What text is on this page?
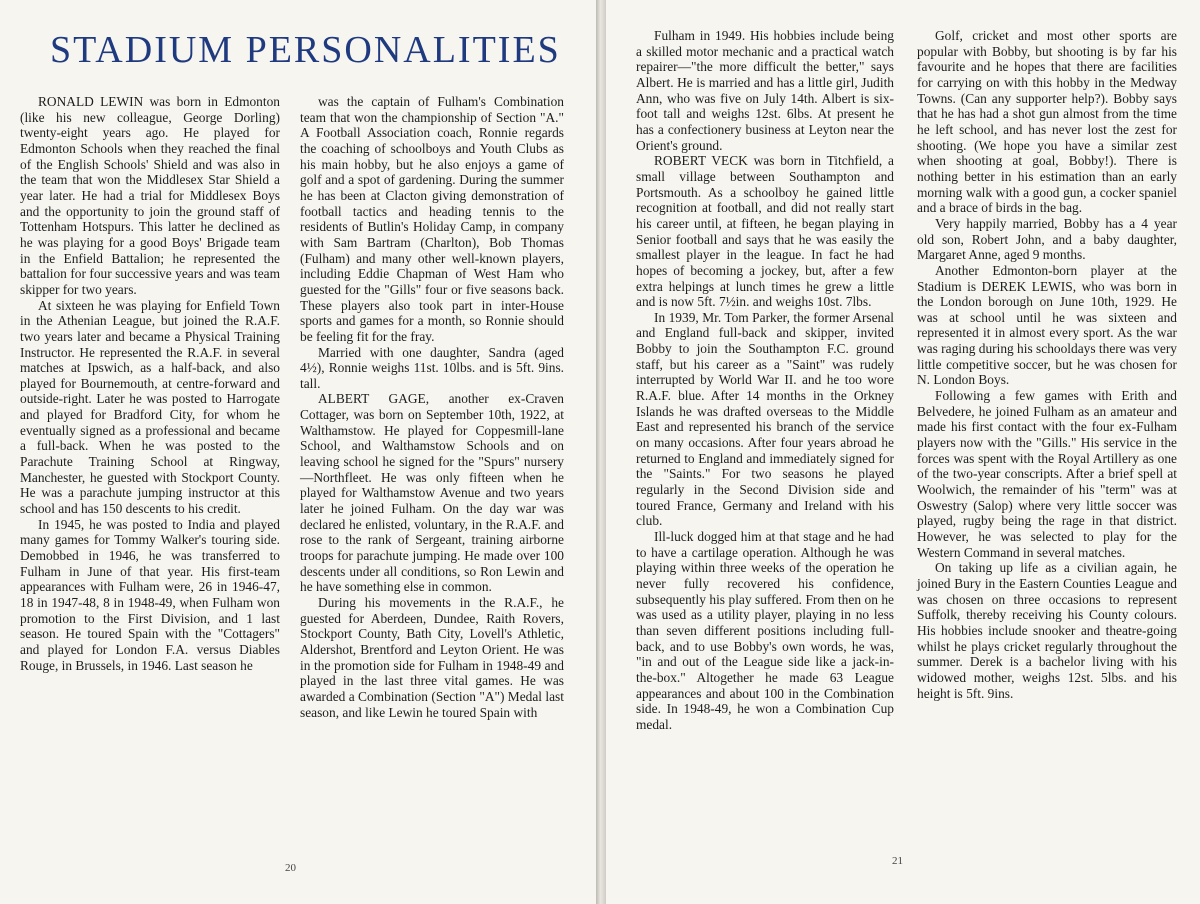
STADIUM PERSONALITIES

RONALD LEWIN was born in Edmonton (like his new colleague, George Dorling) twenty-eight years ago. He played for Edmonton Schools when they reached the final of the English Schools' Shield and was also in the team that won the Middlesex Star Shield a year later. He had a trial for Middlesex Boys and the opportunity to join the ground staff of Tottenham Hotspurs. This latter he declined as he was playing for a good Boys' Brigade team in the Enfield Battalion; he represented the battalion for four successive years and was team skipper for two years.

At sixteen he was playing for Enfield Town in the Athenian League, but joined the R.A.F. two years later and became a Physical Training Instructor. He represented the R.A.F. in several matches at Ipswich, as a half-back, and also played for Bournemouth, at centre-forward and outside-right. Later he was posted to Harrogate and played for Bradford City, for whom he eventually signed as a professional and became a full-back. When he was posted to the Parachute Training School at Ringway, Manchester, he guested with Stockport County. He was a parachute jumping instructor at this school and has 150 descents to his credit.

In 1945, he was posted to India and played many games for Tommy Walker's touring side. Demobbed in 1946, he was transferred to Fulham in June of that year. His first-team appearances with Fulham were, 26 in 1946-47, 18 in 1947-48, 8 in 1948-49, when Fulham won promotion to the First Division, and 1 last season. He toured Spain with the "Cottagers" and played for London F.A. versus Diables Rouge, in Brussels, in 1946. Last season he

was the captain of Fulham's Combination team that won the championship of Section "A." A Football Association coach, Ronnie regards the coaching of schoolboys and Youth Clubs as his main hobby, but he also enjoys a game of golf and a spot of gardening. During the summer he has been at Clacton giving demonstration of football tactics and heading tennis to the residents of Butlin's Holiday Camp, in company with Sam Bartram (Charlton), Bob Thomas (Fulham) and many other well-known players, including Eddie Chapman of West Ham who guested for the "Gills" four or five seasons back. These players also took part in inter-House sports and games for a month, so Ronnie should be feeling fit for the fray.

Married with one daughter, Sandra (aged 4½), Ronnie weighs 11st. 10lbs. and is 5ft. 9ins. tall.

ALBERT GAGE, another ex-Craven Cottager, was born on September 10th, 1922, at Walthamstow. He played for Coppesmill-lane School, and Walthamstow Schools and on leaving school he signed for the "Spurs" nursery—Northfleet. He was only fifteen when he played for Walthamstow Avenue and two years later he joined Fulham. On the day war was declared he enlisted, voluntary, in the R.A.F. and rose to the rank of Sergeant, training airborne troops for parachute jumping. He made over 100 descents under all conditions, so Ron Lewin and he have something else in common.

During his movements in the R.A.F., he guested for Aberdeen, Dundee, Raith Rovers, Stockport County, Bath City, Lovell's Athletic, Aldershot, Brentford and Leyton Orient. He was in the promotion side for Fulham in 1948-49 and played in the last three vital games. He was awarded a Combination (Section "A") Medal last season, and like Lewin he toured Spain with

Fulham in 1949. His hobbies include being a skilled motor mechanic and a practical watch repairer—"the more difficult the better," says Albert. He is married and has a little girl, Judith Ann, who was five on July 14th. Albert is six-foot tall and weighs 12st. 6lbs. At present he has a confectionery business at Leyton near the Orient's ground.

ROBERT VECK was born in Titchfield, a small village between Southampton and Portsmouth. As a schoolboy he gained little recognition at football, and did not really start his career until, at fifteen, he began playing in Senior football and says that he was easily the smallest player in the league. In fact he had hopes of becoming a jockey, but, after a few extra helpings at lunch times he grew a little and is now 5ft. 7½in. and weighs 10st. 7lbs.

In 1939, Mr. Tom Parker, the former Arsenal and England full-back and skipper, invited Bobby to join the Southampton F.C. ground staff, but his career as a "Saint" was rudely interrupted by World War II. and he too wore R.A.F. blue. After 14 months in the Orkney Islands he was drafted overseas to the Middle East and represented his branch of the service on many occasions. After four years abroad he returned to England and immediately signed for the "Saints." For two seasons he played regularly in the Second Division side and toured France, Germany and Ireland with his club.

Ill-luck dogged him at that stage and he had to have a cartilage operation. Although he was playing within three weeks of the operation he never fully recovered his confidence, subsequently his play suffered. From then on he was used as a utility player, playing in no less than seven different positions including full-back, and to use Bobby's own words, he was, "in and out of the League side like a jack-in-the-box." Altogether he made 63 League appearances and about 100 in the Combination side. In 1948-49, he won a Combination Cup medal.

Golf, cricket and most other sports are popular with Bobby, but shooting is by far his favourite and he hopes that there are facilities for carrying on with this hobby in the Medway Towns. (Can any supporter help?). Bobby says that he has had a shot gun almost from the time he left school, and has never lost the zest for shooting. (We hope you have a similar zest when shooting at goal, Bobby!). There is nothing better in his estimation than an early morning walk with a good gun, a cocker spaniel and a brace of birds in the bag.

Very happily married, Bobby has a 4 year old son, Robert John, and a baby daughter, Margaret Anne, aged 9 months.

Another Edmonton-born player at the Stadium is DEREK LEWIS, who was born in the London borough on June 10th, 1929. He was at school until he was sixteen and represented it in almost every sport. As the war was raging during his schooldays there was very little competitive soccer, but he was chosen for N. London Boys.

Following a few games with Erith and Belvedere, he joined Fulham as an amateur and made his first contact with the four ex-Fulham players now with the "Gills." His service in the forces was spent with the Royal Artillery as one of the two-year conscripts. After a brief spell at Woolwich, the remainder of his "term" was at Oswestry (Salop) where very little soccer was played, rugby being the rage in that district. However, he was selected to play for the Western Command in several matches.

On taking up life as a civilian again, he joined Bury in the Eastern Counties League and was chosen on three occasions to represent Suffolk, thereby receiving his County colours. His hobbies include snooker and theatre-going whilst he plays cricket regularly throughout the summer. Derek is a bachelor living with his widowed mother, weighs 12st. 5lbs. and his height is 5ft. 9ins.

20
21
